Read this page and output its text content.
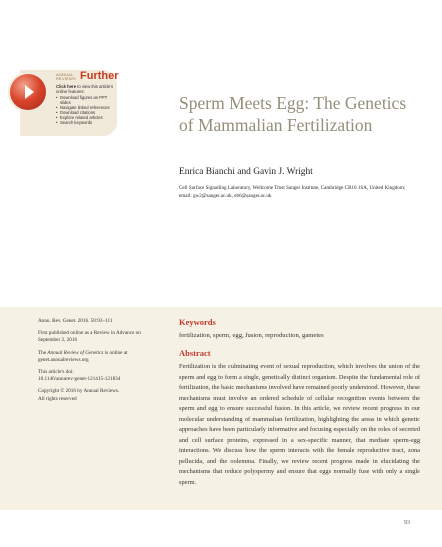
ANNUAL
REVIEWS Further
Click here to view this article's online features:
• Download figures as PPT slides
• Navigate linked references
• Download citations
• Explore related articles
• Search keywords
Sperm Meets Egg: The Genetics of Mammalian Fertilization
Enrica Bianchi and Gavin J. Wright
Cell Surface Signalling Laboratory, Wellcome Trust Sanger Institute, Cambridge CB10 1SA, United Kingdom; email: gw2@sanger.ac.uk, eb6@sanger.ac.uk

Annu. Rev. Genet. 2016. 50:93–111

First published online as a Review in Advance on September 2, 2016

The Annual Review of Genetics is online at genet.annualreviews.org

This article's doi:
10.1146/annurev-genet-121415-121834

Copyright © 2016 by Annual Reviews.
All rights reserved

Keywords
fertilization, sperm, egg, fusion, reproduction, gametes
Abstract

Fertilization is the culminating event of sexual reproduction, which involves the union of the sperm and egg to form a single, genetically distinct organism. Despite the fundamental role of fertilization, the basic mechanisms involved have remained poorly understood. However, these mechanisms must involve an ordered schedule of cellular recognition events between the sperm and egg to ensure successful fusion. In this article, we review recent progress in our molecular understanding of mammalian fertilization, highlighting the areas in which genetic approaches have been particularly informative and focusing especially on the roles of secreted and cell surface proteins, expressed in a sex-specific manner, that mediate sperm-egg interactions. We discuss how the sperm interacts with the female reproductive tract, zona pellucida, and the oolemma. Finally, we review recent progress made in elucidating the mechanisms that reduce polyspermy and ensure that eggs normally fuse with only a single sperm.

93
